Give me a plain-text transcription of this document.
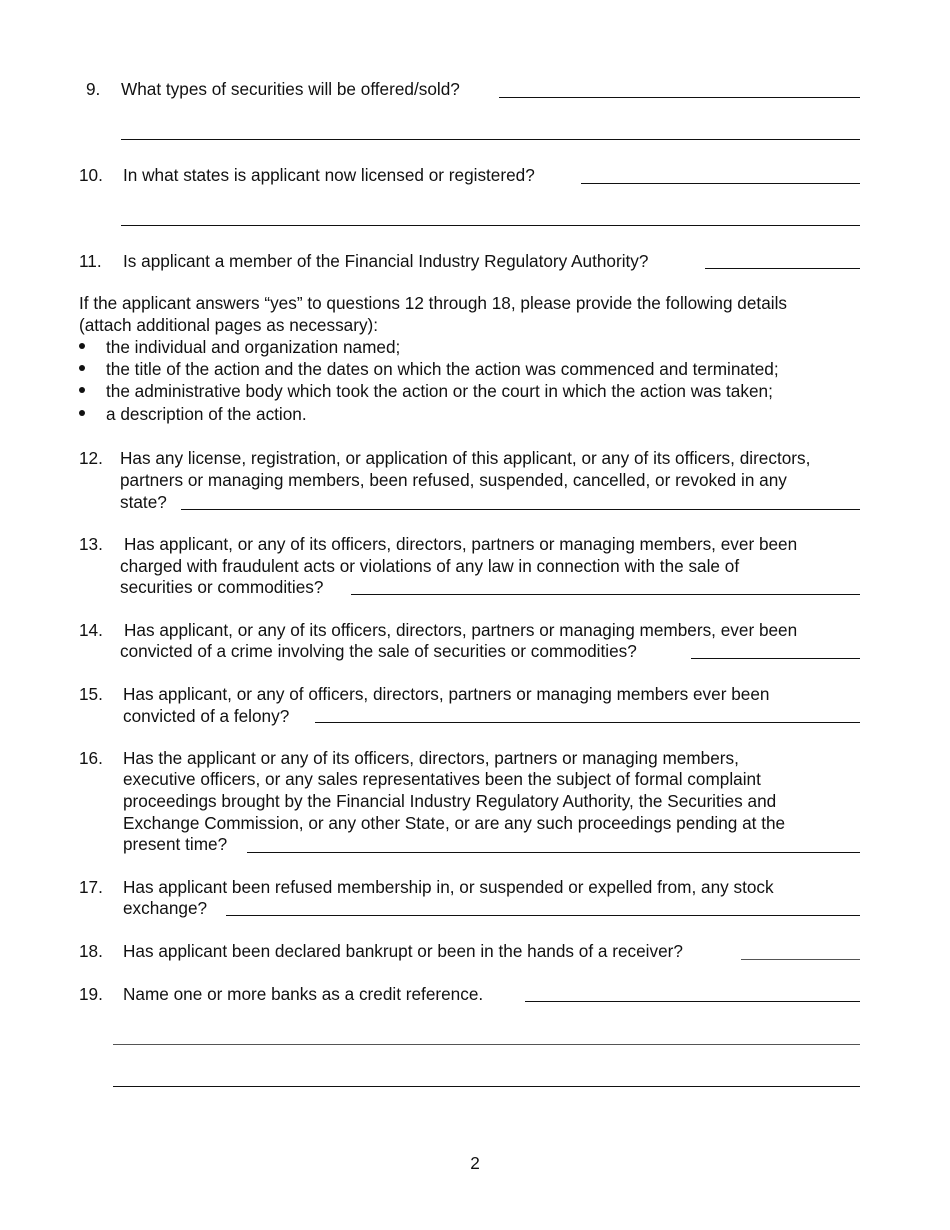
9. What types of securities will be offered/sold?
10. In what states is applicant now licensed or registered?
11. Is applicant a member of the Financial Industry Regulatory Authority?
If the applicant answers “yes” to questions 12 through 18, please provide the following details
(attach additional pages as necessary):
the individual and organization named;
the title of the action and the dates on which the action was commenced and terminated;
the administrative body which took the action or the court in which the action was taken;
a description of the action.
12. Has any license, registration, or application of this applicant, or any of its officers, directors,
partners or managing members, been refused, suspended, cancelled, or revoked in any
state?
13. Has applicant, or any of its officers, directors, partners or managing members, ever been
charged with fraudulent acts or violations of any law in connection with the sale of
securities or commodities?
14. Has applicant, or any of its officers, directors, partners or managing members, ever been
convicted of a crime involving the sale of securities or commodities?
15. Has applicant, or any of officers, directors, partners or managing members ever been
convicted of a felony?
16. Has the applicant or any of its officers, directors, partners or managing members,
executive officers, or any sales representatives been the subject of formal complaint
proceedings brought by the Financial Industry Regulatory Authority, the Securities and
Exchange Commission, or any other State, or are any such proceedings pending at the
present time?
17. Has applicant been refused membership in, or suspended or expelled from, any stock
exchange?
18. Has applicant been declared bankrupt or been in the hands of a receiver?
19. Name one or more banks as a credit reference.
2
